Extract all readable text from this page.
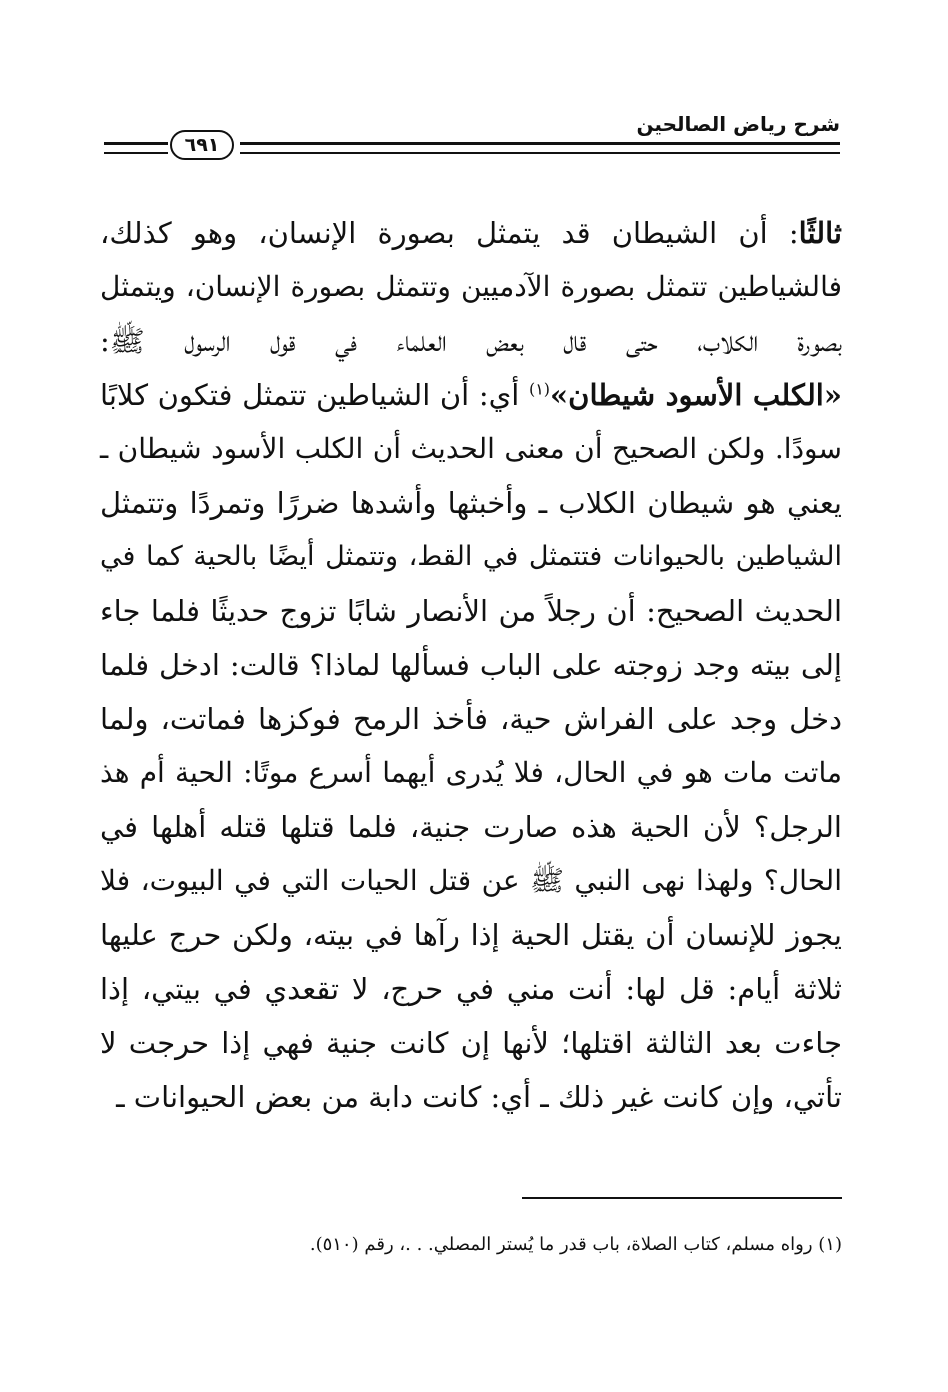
شرح رياض الصالحين
٦٩١
ثالثًا: أن الشيطان قد يتمثل بصورة الإنسان، وهو كذلك،
فالشياطين تتمثل بصورة الآدميين وتتمثل بصورة الإنسان، ويتمثل
بصورة الكلاب، حتى قال بعض العلماء في قول الرسول ﷺ:
«الكلب الأسود شيطان»$^{(١)}$ أي: أن الشياطين تتمثل فتكون كلابًا
سودًا. ولكن الصحيح أن معنى الحديث أن الكلب الأسود شيطان ـ
يعني هو شيطان الكلاب ـ وأخبثها وأشدها ضررًا وتمردًا وتتمثل
الشياطين بالحيوانات فتتمثل في القط، وتتمثل أيضًا بالحية كما في
الحديث الصحيح: أن رجلاً من الأنصار شابًا تزوج حديثًا فلما جاء
إلى بيته وجد زوجته على الباب فسألها لماذا؟ قالت: ادخل فلما
دخل وجد على الفراش حية، فأخذ الرمح فوكزها فماتت، ولما
ماتت مات هو في الحال، فلا يُدرى أيهما أسرع موتًا: الحية أم هذ
الرجل؟ لأن الحية هذه صارت جنية، فلما قتلها قتله أهلها في
الحال؟ ولهذا نهى النبي ﷺ عن قتل الحيات التي في البيوت، فلا
يجوز للإنسان أن يقتل الحية إذا رآها في بيته، ولكن حرج عليها
ثلاثة أيام: قل لها: أنت مني في حرج، لا تقعدي في بيتي، إذا
جاءت بعد الثالثة اقتلها؛ لأنها إن كانت جنية فهي إذا حرجت لا
تأتي، وإن كانت غير ذلك ـ أي: كانت دابة من بعض الحيوانات ـ
(١) رواه مسلم، كتاب الصلاة، باب قدر ما يُستر المصلي. . .، رقم (٥١٠).
